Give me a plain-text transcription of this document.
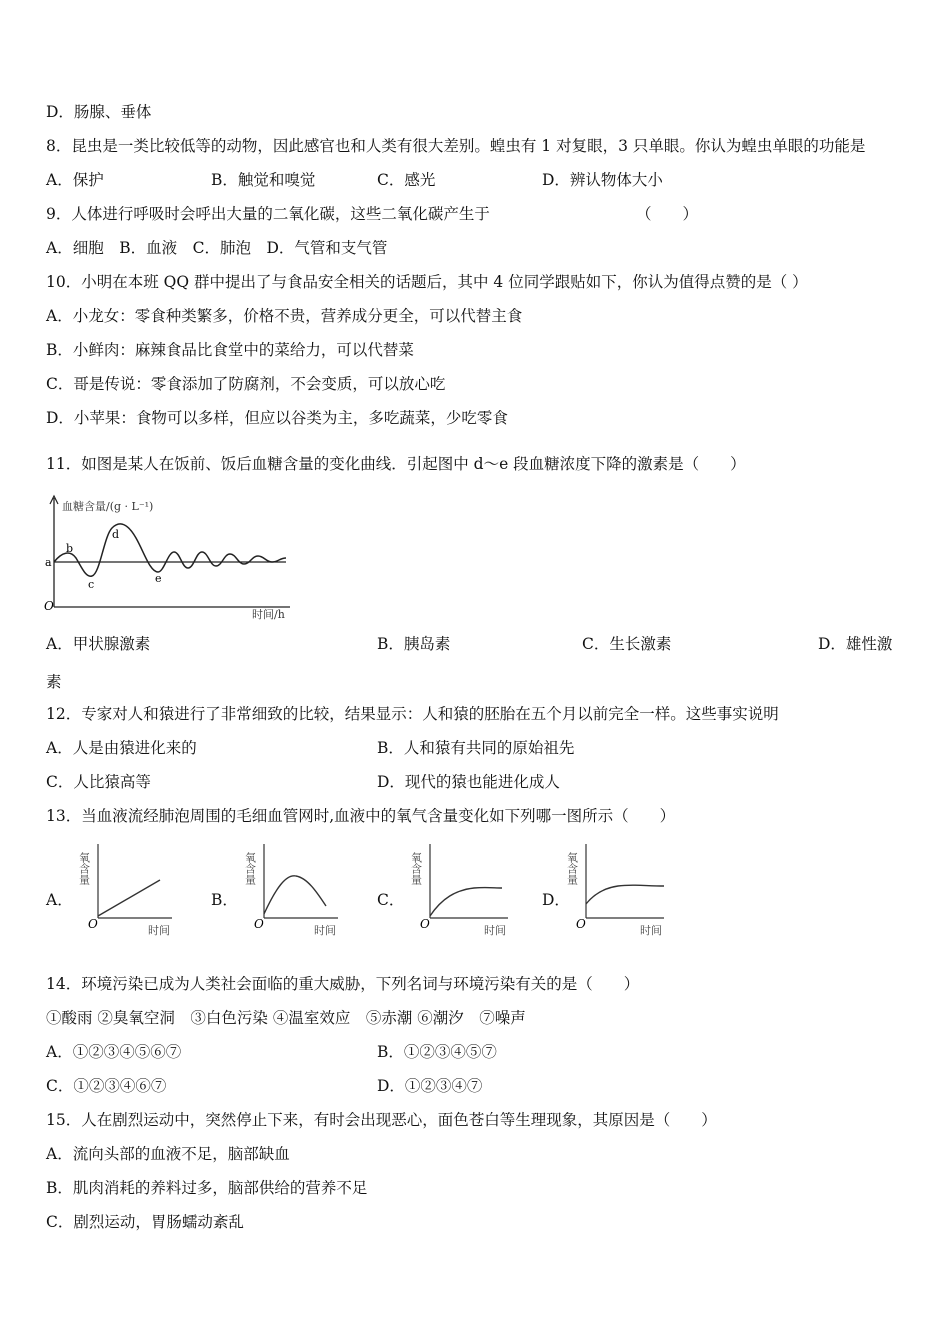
D．肠腺、垂体
8．昆虫是一类比较低等的动物，因此感官也和人类有很大差别。蝗虫有 1 对复眼，3 只单眼。你认为蝗虫单眼的功能是
A．保护	B．触觉和嗅觉	C．感光	D．辨认物体大小
9．人体进行呼吸时会呼出大量的二氧化碳，这些二氧化碳产生于	（　　）
A．细胞　B．血液　C．肺泡　D．气管和支气管
10．小明在本班 QQ 群中提出了与食品安全相关的话题后，其中 4 位同学跟贴如下，你认为值得点赞的是（ ）
A．小龙女：零食种类繁多，价格不贵，营养成分更全，可以代替主食
B．小鲜肉：麻辣食品比食堂中的菜给力，可以代替菜
C．哥是传说：零食添加了防腐剂，不会变质，可以放心吃
D．小苹果：食物可以多样，但应以谷类为主，多吃蔬菜，少吃零食
11．如图是某人在饭前、饭后血糖含量的变化曲线．引起图中 d～e 段血糖浓度下降的激素是（　　）
血糖含量/(g · L⁻¹)
a
b
c
d
e
O
时间/h
A．甲状腺激素	B．胰岛素	C．生长激素	D．雄性激
素
12．专家对人和猿进行了非常细致的比较，结果显示：人和猿的胚胎在五个月以前完全一样。这些事实说明
A．人是由猿进化来的	B．人和猿有共同的原始祖先
C．人比猿高等	D．现代的猿也能进化成人
13．当血液流经肺泡周围的毛细血管网时,血液中的氧气含量变化如下列哪一图所示（　　）
A．	B．	C．	D．
氧含量
O	时间
氧含量
O	时间
氧含量
O	时间
氧含量
O	时间
14．环境污染已成为人类社会面临的重大威胁，下列名词与环境污染有关的是（　　）
①酸雨 ②臭氧空洞　③白色污染 ④温室效应　⑤赤潮 ⑥潮汐　⑦噪声
A．①②③④⑤⑥⑦	B．①②③④⑤⑦
C．①②③④⑥⑦	D．①②③④⑦
15．人在剧烈运动中，突然停止下来，有时会出现恶心，面色苍白等生理现象，其原因是（　　）
A．流向头部的血液不足，脑部缺血
B．肌肉消耗的养料过多，脑部供给的营养不足
C．剧烈运动，胃肠蠕动紊乱
